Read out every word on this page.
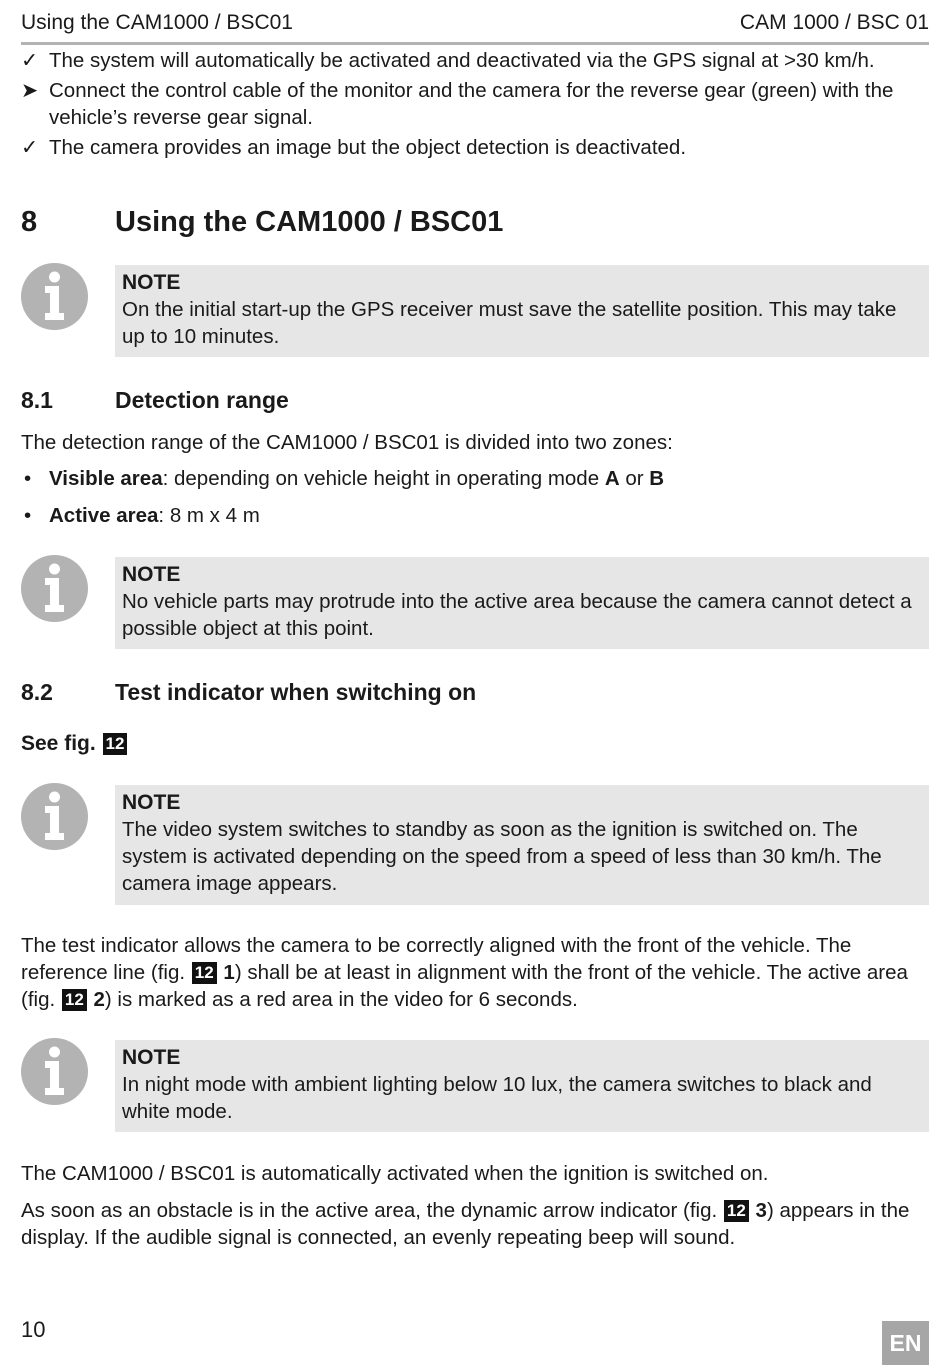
Using the CAM1000 / BSC01	CAM 1000 / BSC 01
✓ The system will automatically be activated and deactivated via the GPS signal at >30 km/h.
➤ Connect the control cable of the monitor and the camera for the reverse gear (green) with the vehicle’s reverse gear signal.
✓ The camera provides an image but the object detection is deactivated.
8	Using the CAM1000 / BSC01
NOTE
On the initial start-up the GPS receiver must save the satellite position. This may take up to 10 minutes.
8.1	Detection range
The detection range of the CAM1000 / BSC01 is divided into two zones:
• Visible area: depending on vehicle height in operating mode A or B
• Active area: 8 m x 4 m
NOTE
No vehicle parts may protrude into the active area because the camera cannot detect a possible object at this point.
8.2	Test indicator when switching on
See fig. 12
NOTE
The video system switches to standby as soon as the ignition is switched on. The system is activated depending on the speed from a speed of less than 30 km/h. The camera image appears.
The test indicator allows the camera to be correctly aligned with the front of the vehicle. The reference line (fig. 12 1) shall be at least in alignment with the front of the vehicle. The active area (fig. 12 2) is marked as a red area in the video for 6 seconds.
NOTE
In night mode with ambient lighting below 10 lux, the camera switches to black and white mode.
The CAM1000 / BSC01 is automatically activated when the ignition is switched on.
As soon as an obstacle is in the active area, the dynamic arrow indicator (fig. 12 3) appears in the display. If the audible signal is connected, an evenly repeating beep will sound.
10
EN
